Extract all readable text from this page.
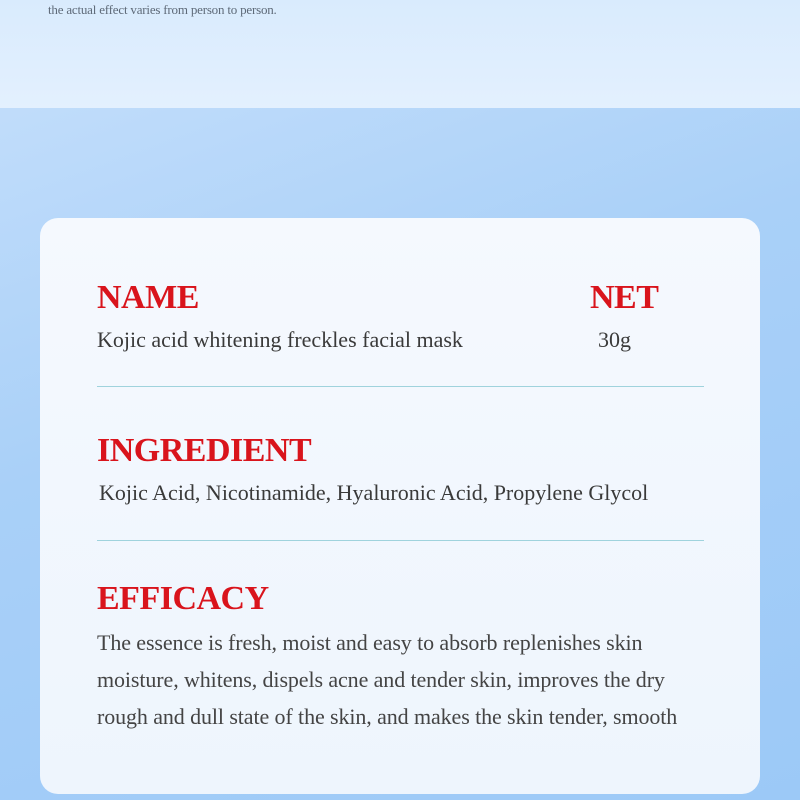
the actual effect varies from person to person.
NAME

Kojic acid whitening freckles facial mask

NET

30g

INGREDIENT

Kojic Acid, Nicotinamide, Hyaluronic Acid, Propylene Glycol

EFFICACY

The essence is fresh, moist and easy to absorb replenishes skin moisture, whitens, dispels acne and tender skin, improves the dry rough and dull state of the skin, and makes the skin tender, smooth
